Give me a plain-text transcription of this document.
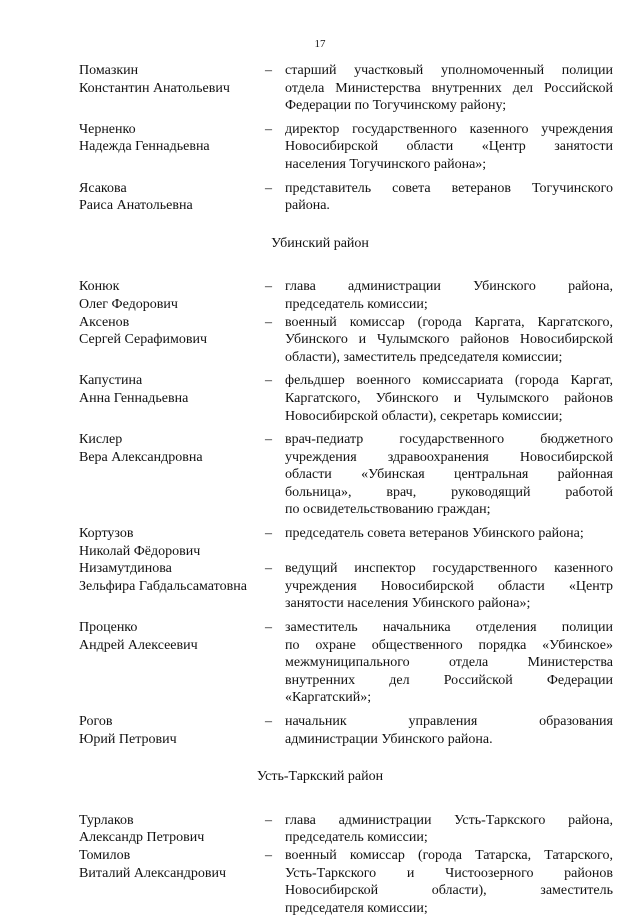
17
Помазкин
Константин Анатольевич
– старший участковый уполномоченный полиции
отдела Министерства внутренних дел Российской
Федерации по Тогучинскому району;
Черненко
Надежда Геннадьевна
– директор государственного казенного учреждения
Новосибирской области «Центр занятости
населения Тогучинского района»;
Ясакова
Раиса Анатольевна
– представитель совета ветеранов Тогучинского
района.
Убинский район
Конюк
Олег Федорович
– глава администрации Убинского района,
председатель комиссии;
Аксенов
Сергей Серафимович
– военный комиссар (города Каргата, Каргатского,
Убинского и Чулымского районов Новосибирской
области), заместитель председателя комиссии;
Капустина
Анна Геннадьевна
– фельдшер военного комиссариата (города Каргат,
Каргатского, Убинского и Чулымского районов
Новосибирской области), секретарь комиссии;
Кислер
Вера Александровна
– врач-педиатр государственного бюджетного
учреждения здравоохранения Новосибирской
области «Убинская центральная районная
больница», врач, руководящий работой
по освидетельствованию граждан;
Кортузов
Николай Фёдорович
– председатель совета ветеранов Убинского района;
Низамутдинова
Зельфира Габдальсаматовна
– ведущий инспектор государственного казенного
учреждения Новосибирской области «Центр
занятости населения Убинского района»;
Проценко
Андрей Алексеевич
– заместитель начальника отделения полиции
по охране общественного порядка «Убинское»
межмуниципального отдела Министерства
внутренних дел Российской Федерации
«Каргатский»;
Рогов
Юрий Петрович
– начальник управления образования
администрации Убинского района.
Усть-Таркский район
Турлаков
Александр Петрович
– глава администрации Усть-Таркского района,
председатель комиссии;
Томилов
Виталий Александрович
– военный комиссар (города Татарска, Татарского,
Усть-Таркского и Чистоозерного районов
Новосибирской области), заместитель
председателя комиссии;
